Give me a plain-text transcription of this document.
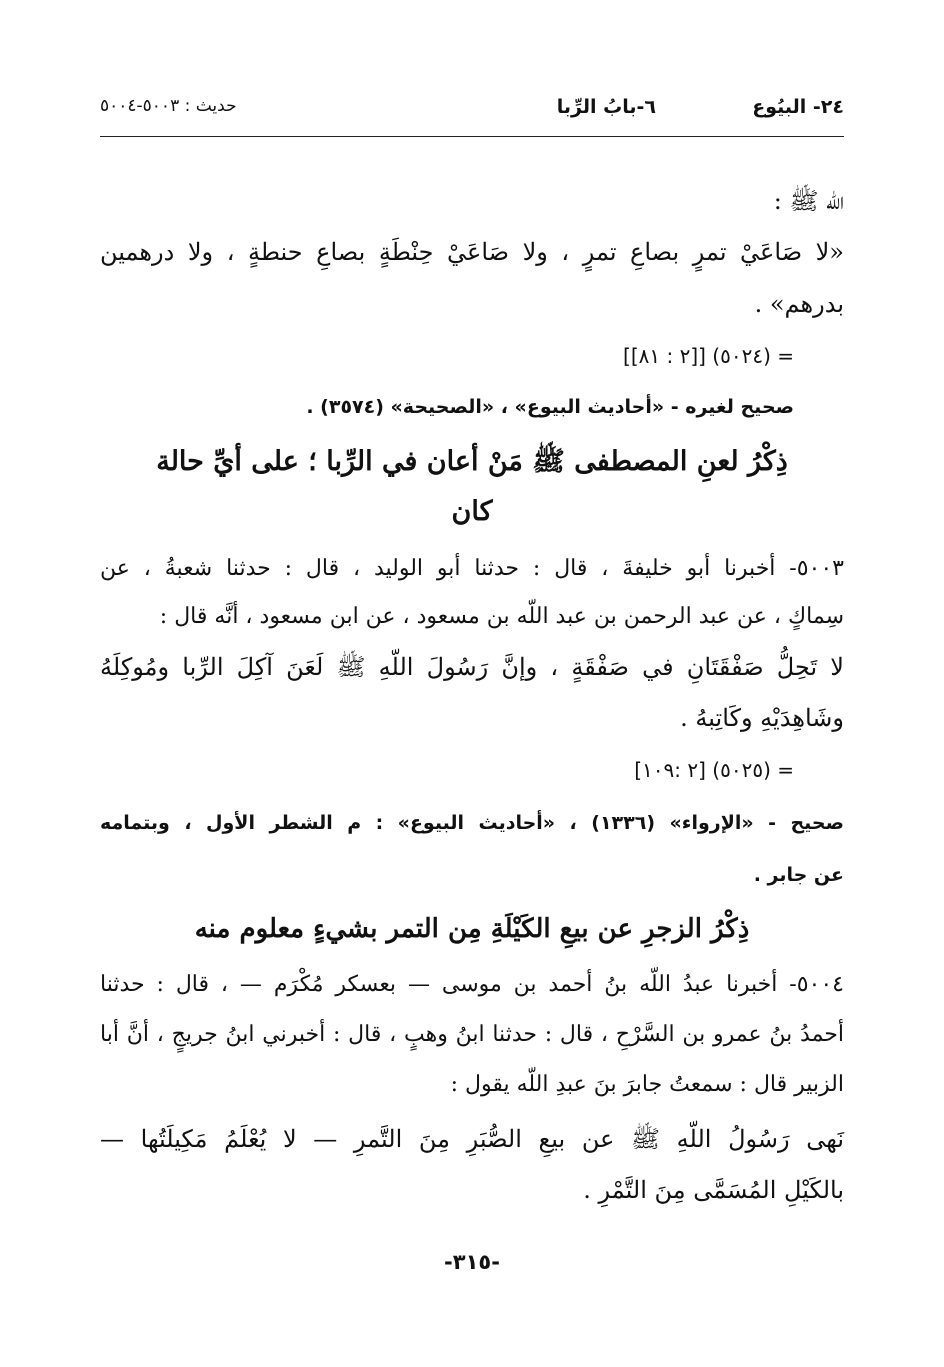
٢٤- البيُوع
٦-بابُ الرِّبا
حديث : ٥٠٠٣-٥٠٠٤
اللّه ﷺ :
«لا صَاعَيْ تمرٍ بصاعِ تمرٍ ، ولا صَاعَيْ حِنْطَةٍ بصاعِ حنطةٍ ، ولا درهمين
بدرهم» .
= (٥٠٢٤) [[٢ : ٨١]]
صحيح لغيره - «أحاديث البيوع» ، «الصحيحة» (٣٥٧٤) .
ذِكْرُ لعنِ المصطفى ﷺ مَنْ أعان في الرِّبا ؛ على أيِّ حالة
كان
٥٠٠٣- أخبرنا أبو خليفةَ ، قال : حدثنا أبو الوليد ، قال : حدثنا شعبةُ ، عن
سِماكٍ ، عن عبد الرحمن بن عبد اللّه بن مسعود ، عن ابن مسعود ، أنَّه قال :
لا تَحِلُّ صَفْقَتَانِ في صَفْقَةٍ ، وإنَّ رَسُولَ اللّهِ ﷺ لَعَنَ آكِلَ الرِّبا ومُوكِلَهُ
وشَاهِدَيْهِ وكَاتِبهُ .
= (٥٠٢٥) [٢ :١٠٩]
صحيح - «الإرواء» (١٣٣٦) ، «أحاديث البيوع» : م الشطر الأول ، وبتمامه
عن جابر .
ذِكْرُ الزجرِ عن بيعِ الكَيْلَةِ مِن التمر بشيءٍ معلوم منه
٥٠٠٤- أخبرنا عبدُ اللّه بنُ أحمد بن موسى — بعسكر مُكْرَم — ، قال : حدثنا
أحمدُ بنُ عمرو بن السَّرْحِ ، قال : حدثنا ابنُ وهبٍ ، قال : أخبرني ابنُ جريجٍ ، أنَّ أبا
الزبير قال : سمعتُ جابرَ بنَ عبدِ اللّه يقول :
نَهى رَسُولُ اللّهِ ﷺ عن بيعِ الصُّبَرِ مِنَ التَّمرِ — لا يُعْلَمُ مَكِيلَتُها —
بالكَيْلِ المُسَمَّى مِنَ التَّمْرِ .
-٣١٥-
